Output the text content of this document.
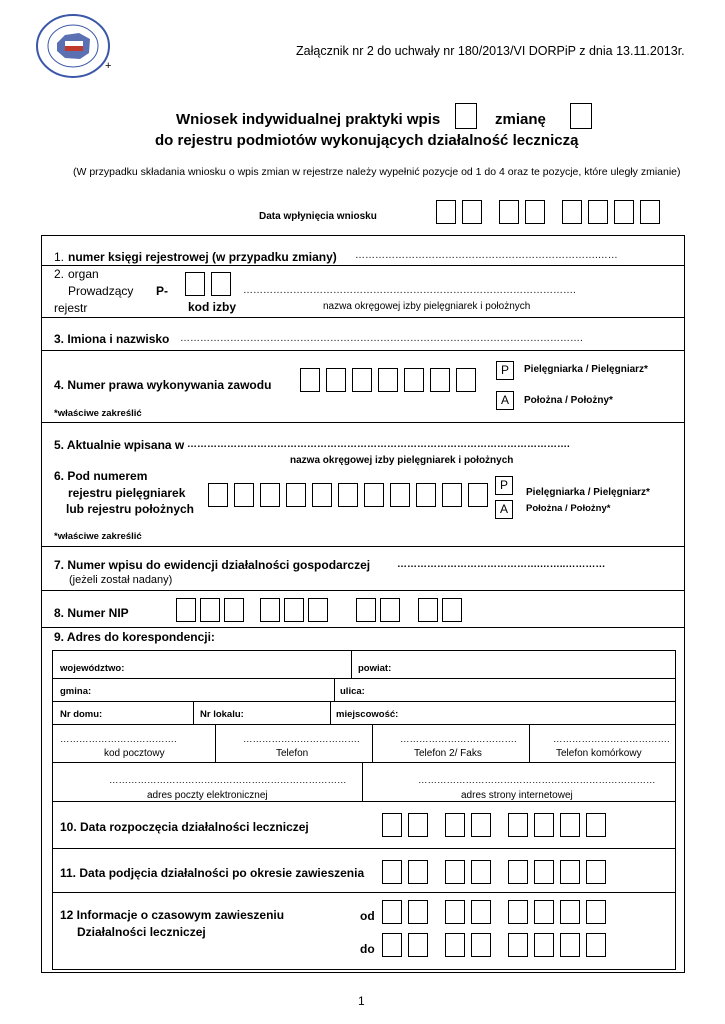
+
Załącznik nr 2 do uchwały nr 180/2013/VI DORPiP z dnia 13.11.2013r.
Wniosek indywidualnej praktyki wpis	zmianę
do rejestru podmiotów wykonujących działalność leczniczą
(W przypadku składania wniosku o wpis zmian w rejestrze należy wypełnić pozycje od 1 do 4 oraz te pozycje, które uległy zmianie)
Data wpłynięcia wniosku
1. numer księgi rejestrowej (w przypadku zmiany) ……………………………………………………………….……
2. organ
Prowadzący
rejestr
P-
kod izby
……………………………………………………………………………………….
nazwa okręgowej izby pielęgniarek i położnych
3. Imiona i nazwisko ………………………………………………………………………………………………………….
4. Numer prawa wykonywania zawodu
P
A
Pielęgniarka / Pielęgniarz*
Położna / Położny*
*właściwe zakreślić
5. Aktualnie wpisana w …………………………………………………………………………………………………….
nazwa okręgowej izby pielęgniarek i położnych
6. Pod numerem
rejestru pielęgniarek
lub rejestru położnych
P
A
Pielęgniarka / Pielęgniarz*
Położna / Położny*
*właściwe zakreślić
7. Numer wpisu do ewidencji działalności gospodarczej	…………………………………….……..…………
(jeżeli został nadany)
8. Numer NIP
9. Adres do korespondencji:
województwo:	powiat:
gmina:	ulica:
Nr domu:	Nr lokalu:	miejscowość:
……………………………….	……………………………….	……………………………….	……………………………….
kod pocztowy	Telefon	Telefon 2/ Faks	Telefon komórkowy
…………………………………………………………………	…………………………………………………………………
adres poczty elektronicznej	adres strony internetowej
10. Data rozpoczęcia działalności leczniczej
11. Data podjęcia działalności po okresie zawieszenia
12 Informacje o czasowym zawieszeniu
Działalności leczniczej
od
do
1
